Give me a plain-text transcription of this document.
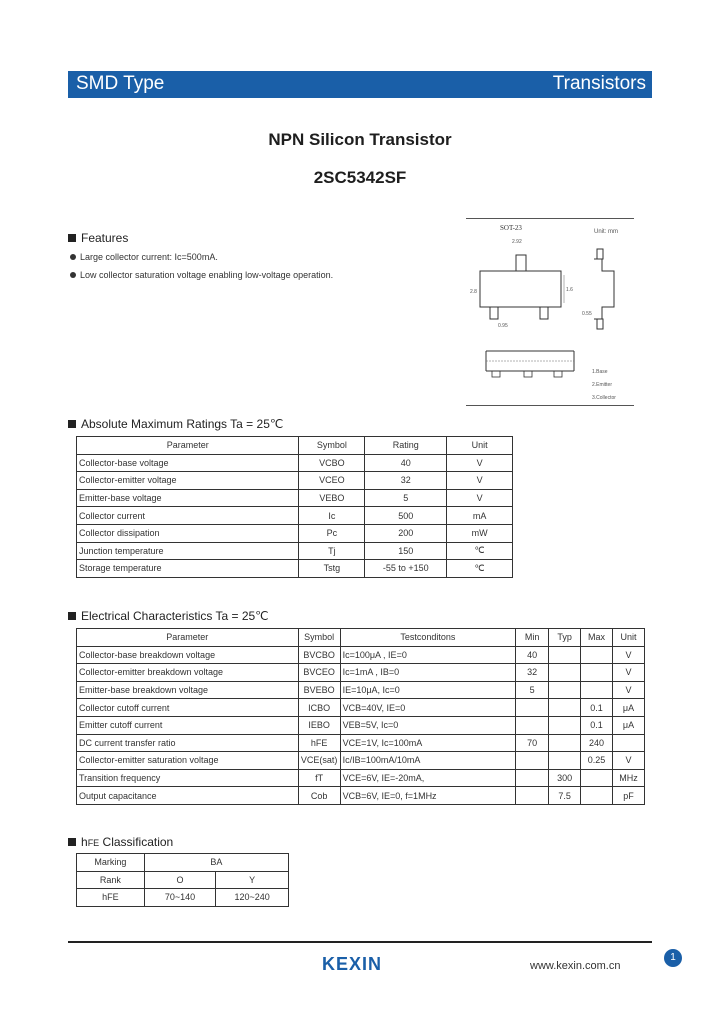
SMD Type	Transistors
NPN Silicon Transistor
2SC5342SF
Features
Large collector current: Ic=500mA.
Low collector saturation voltage enabling low-voltage operation.
SOT-23	Unit: mm
2.92
2.8
0.95
1.6
0.55
1.Base
2.Emitter
3.Collector
Absolute Maximum Ratings Ta = 25℃
Parameter	Symbol	Rating	Unit
Collector-base voltage	VCBO	40	V
Collector-emitter voltage	VCEO	32	V
Emitter-base voltage	VEBO	5	V
Collector current	Ic	500	mA
Collector dissipation	Pc	200	mW
Junction temperature	Tj	150	℃
Storage temperature	Tstg	-55 to +150	℃
Electrical Characteristics Ta = 25℃
Parameter	Symbol	Testconditons	Min	Typ	Max	Unit
Collector-base breakdown voltage	BVCBO	Ic=100μA , IE=0	40			V
Collector-emitter breakdown voltage	BVCEO	Ic=1mA , IB=0	32			V
Emitter-base breakdown voltage	BVEBO	IE=10μA, Ic=0	5			V
Collector cutoff current	ICBO	VCB=40V, IE=0			0.1	μA
Emitter cutoff current	IEBO	VEB=5V, Ic=0			0.1	μA
DC current transfer ratio	hFE	VCE=1V, Ic=100mA	70		240	
Collector-emitter saturation voltage	VCE(sat)	Ic/IB=100mA/10mA			0.25	V
Transition frequency	fT	VCE=6V, IE=-20mA,		300		MHz
Output capacitance	Cob	VCB=6V, IE=0, f=1MHz		7.5		pF
hFE Classification
Marking	BA	
Rank	O	Y
hFE	70~140	120~240
1
KEXIN	www.kexin.com.cn
